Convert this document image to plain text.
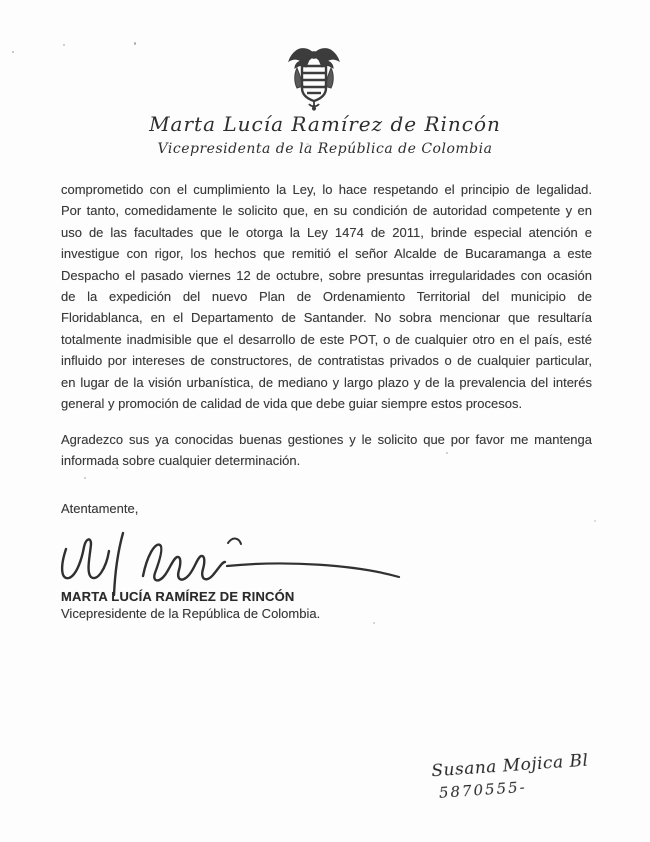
Marta Lucía Ramírez de Rincón
Vicepresidenta de la República de Colombia
comprometido con el cumplimiento la Ley, lo hace respetando el principio de legalidad.
Por tanto, comedidamente le solicito que, en su condición de autoridad competente y en
uso de las facultades que le otorga la Ley 1474 de 2011, brinde especial atención e
investigue con rigor, los hechos que remitió el señor Alcalde de Bucaramanga a este
Despacho el pasado viernes 12 de octubre, sobre presuntas irregularidades con ocasión
de la expedición del nuevo Plan de Ordenamiento Territorial del municipio de
Floridablanca, en el Departamento de Santander. No sobra mencionar que resultaría
totalmente inadmisible que el desarrollo de este POT, o de cualquier otro en el país, esté
influido por intereses de constructores, de contratistas privados o de cualquier particular,
en lugar de la visión urbanística, de mediano y largo plazo y de la prevalencia del interés
general y promoción de calidad de vida que debe guiar siempre estos procesos.
Agradezco sus ya conocidas buenas gestiones y le solicito que por favor me mantenga
informada sobre cualquier determinación.
Atentamente,
MARTA LUCÍA RAMÍREZ DE RINCÓN
Vicepresidente de la República de Colombia.
Susana Mojica Bl
5870555-
